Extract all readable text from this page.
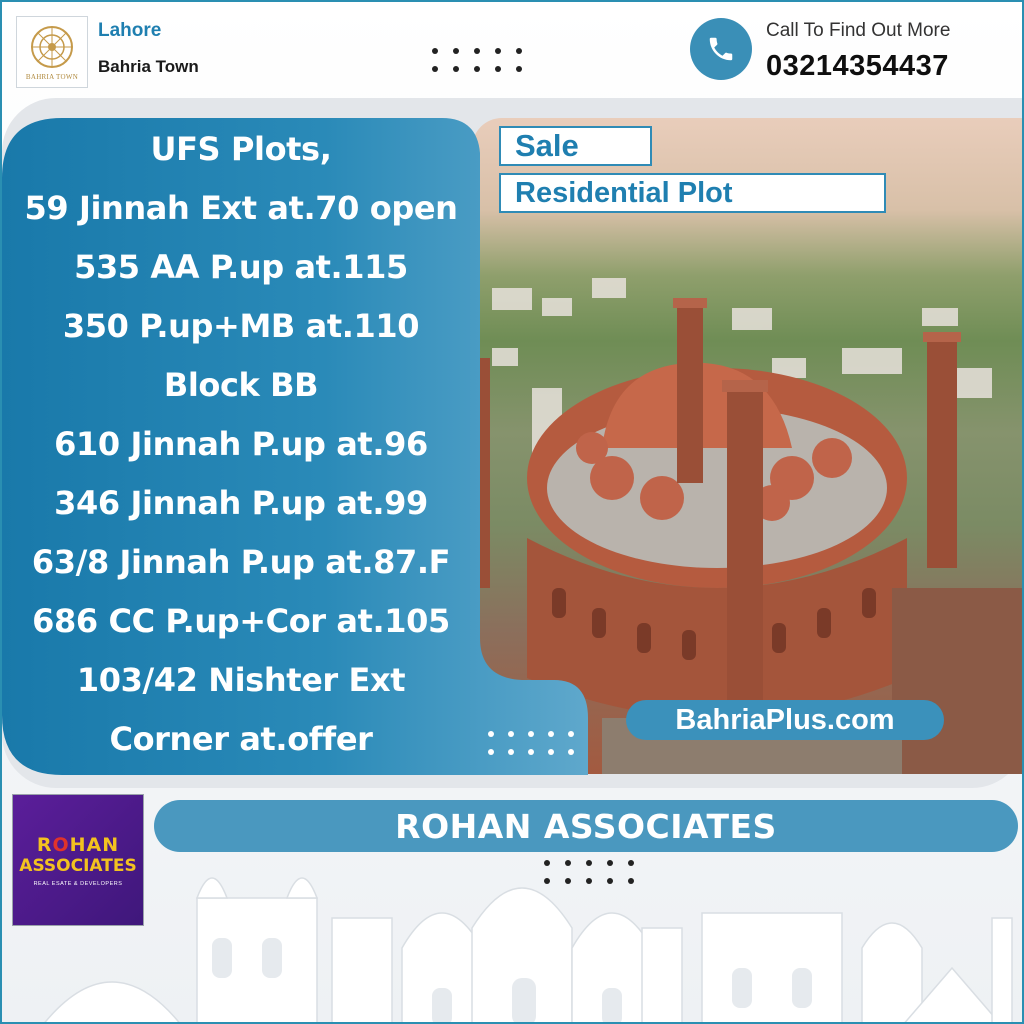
BAHRIA TOWN
Lahore
Bahria Town
Call To Find Out More
03214354437
UFS Plots,
59 Jinnah Ext at.70 open
535 AA P.up at.115
350 P.up+MB at.110
Block BB
610 Jinnah P.up at.96
346 Jinnah P.up at.99
63/8 Jinnah P.up at.87.F
686 CC P.up+Cor at.105
103/42 Nishter Ext
Corner at.offer
Sale
Residential Plot
BahriaPlus.com
ROHAN
ASSOCIATES
REAL ESATE & DEVELOPERS
ROHAN ASSOCIATES
